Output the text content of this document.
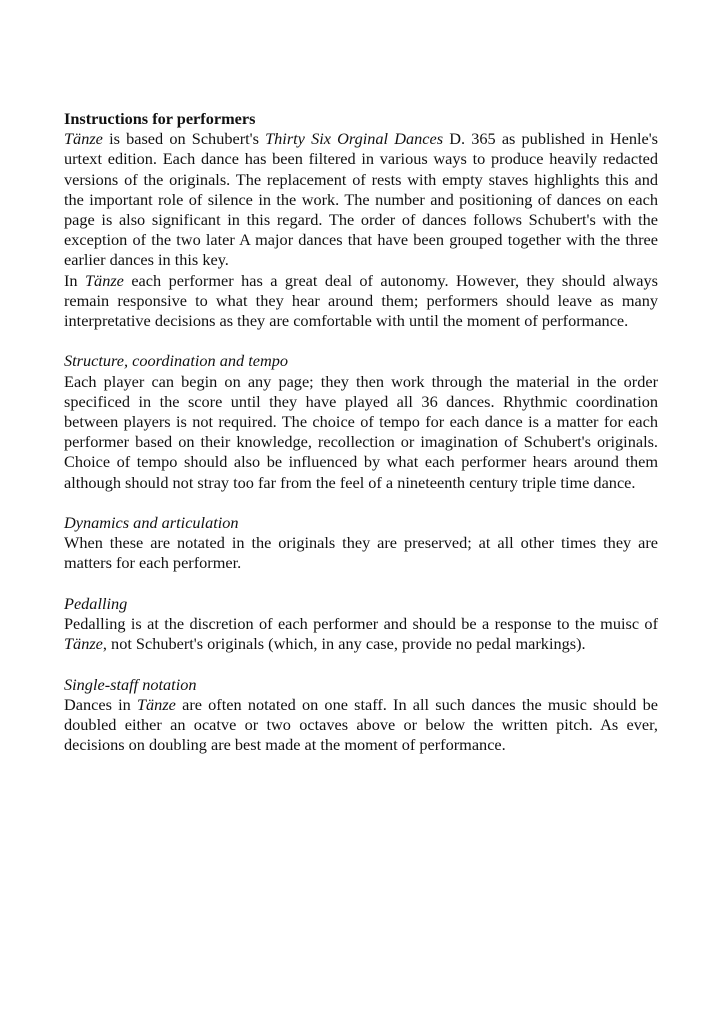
Instructions for performers

Tänze is based on Schubert's Thirty Six Orginal Dances D. 365 as published in Henle's urtext edition. Each dance has been filtered in various ways to produce heavily redacted versions of the originals. The replacement of rests with empty staves highlights this and the important role of silence in the work. The number and positioning of dances on each page is also significant in this regard. The order of dances follows Schubert's with the exception of the two later A major dances that have been grouped together with the three earlier dances in this key.

In Tänze each performer has a great deal of autonomy. However, they should always remain responsive to what they hear around them; performers should leave as many interpretative decisions as they are comfortable with until the moment of performance.

Structure, coordination and tempo

Each player can begin on any page; they then work through the material in the order specificed in the score until they have played all 36 dances. Rhythmic coordination between players is not required. The choice of tempo for each dance is a matter for each performer based on their knowledge, recollection or imagination of Schubert's originals. Choice of tempo should also be influenced by what each performer hears around them although should not stray too far from the feel of a nineteenth century triple time dance.

Dynamics and articulation

When these are notated in the originals they are preserved; at all other times they are matters for each performer.

Pedalling

Pedalling is at the discretion of each performer and should be a response to the muisc of Tänze, not Schubert's originals (which, in any case, provide no pedal markings).

Single-staff notation

Dances in Tänze are often notated on one staff. In all such dances the music should be doubled either an ocatve or two octaves above or below the written pitch. As ever, decisions on doubling are best made at the moment of performance.
